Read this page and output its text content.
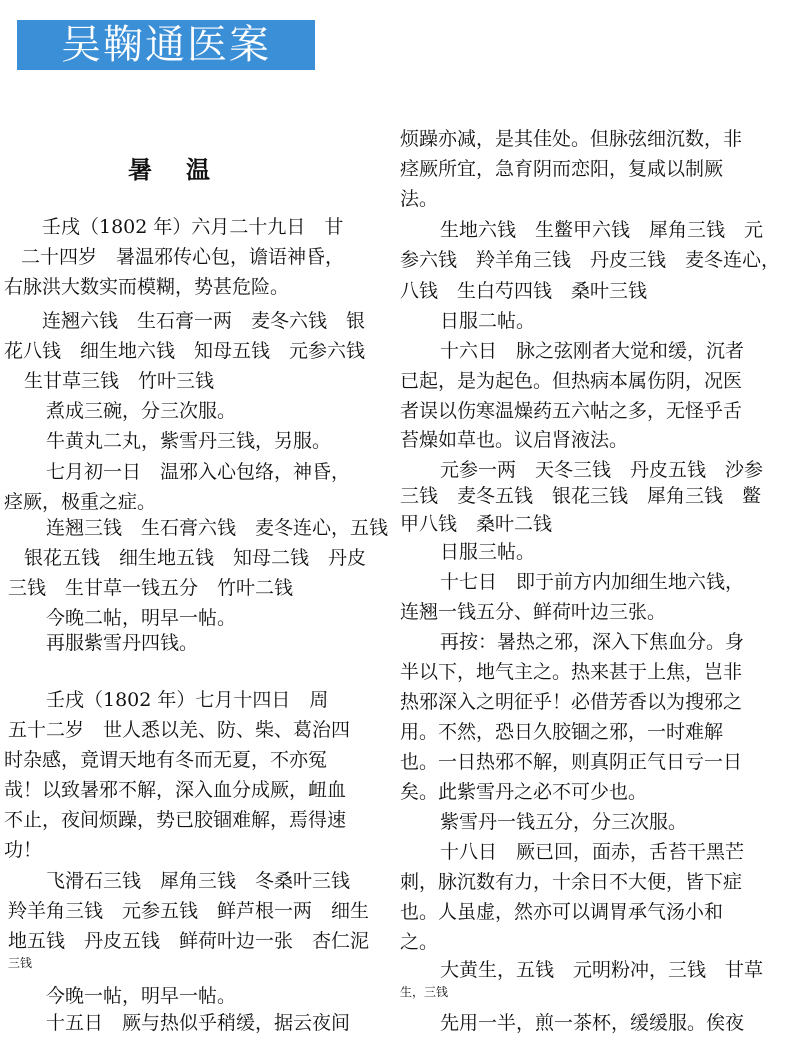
吴鞠通医案
暑温
壬戌（1802 年）六月二十九日　甘
二十四岁　暑温邪传心包，谵语神昏，
右脉洪大数实而模糊，势甚危险。
连翘六钱　生石膏一两　麦冬六钱　银
花八钱　细生地六钱　知母五钱　元参六钱
生甘草三钱　竹叶三钱
煮成三碗，分三次服。
牛黄丸二丸，紫雪丹三钱，另服。
七月初一日　温邪入心包络，神昏，
痉厥，极重之症。
连翘三钱　生石膏六钱　麦冬连心，五钱
银花五钱　细生地五钱　知母二钱　丹皮
三钱　生甘草一钱五分　竹叶二钱
今晚二帖，明早一帖。
再服紫雪丹四钱。
壬戌（1802 年）七月十四日　周
五十二岁　世人悉以羌、防、柴、葛治四
时杂感，竟谓天地有冬而无夏，不亦冤
哉！以致暑邪不解，深入血分成厥，衄血
不止，夜间烦躁，势已胶锢难解，焉得速
功！
飞滑石三钱　犀角三钱　冬桑叶三钱
羚羊角三钱　元参五钱　鲜芦根一两　细生
地五钱　丹皮五钱　鲜荷叶边一张　杏仁泥
三钱
今晚一帖，明早一帖。
十五日　厥与热似乎稍缓，据云夜间
烦躁亦减，是其佳处。但脉弦细沉数，非
痉厥所宜，急育阴而恋阳，复咸以制厥
法。
生地六钱　生鳖甲六钱　犀角三钱　元
参六钱　羚羊角三钱　丹皮三钱　麦冬连心，
八钱　生白芍四钱　桑叶三钱
日服二帖。
十六日　脉之弦刚者大觉和缓，沉者
已起，是为起色。但热病本属伤阴，况医
者误以伤寒温燥药五六帖之多，无怪乎舌
苔燥如草也。议启肾液法。
元参一两　天冬三钱　丹皮五钱　沙参
三钱　麦冬五钱　银花三钱　犀角三钱　鳖
甲八钱　桑叶二钱
日服三帖。
十七日　即于前方内加细生地六钱，
连翘一钱五分、鲜荷叶边三张。
再按：暑热之邪，深入下焦血分。身
半以下，地气主之。热来甚于上焦，岂非
热邪深入之明征乎！必借芳香以为搜邪之
用。不然，恐日久胶锢之邪，一时难解
也。一日热邪不解，则真阴正气日亏一日
矣。此紫雪丹之必不可少也。
紫雪丹一钱五分，分三次服。
十八日　厥已回，面赤，舌苔干黑芒
刺，脉沉数有力，十余日不大便，皆下症
也。人虽虚，然亦可以调胃承气汤小和
之。
大黄生，五钱　元明粉冲，三钱　甘草
生，三钱
先用一半，煎一茶杯，缓缓服。俟夜
